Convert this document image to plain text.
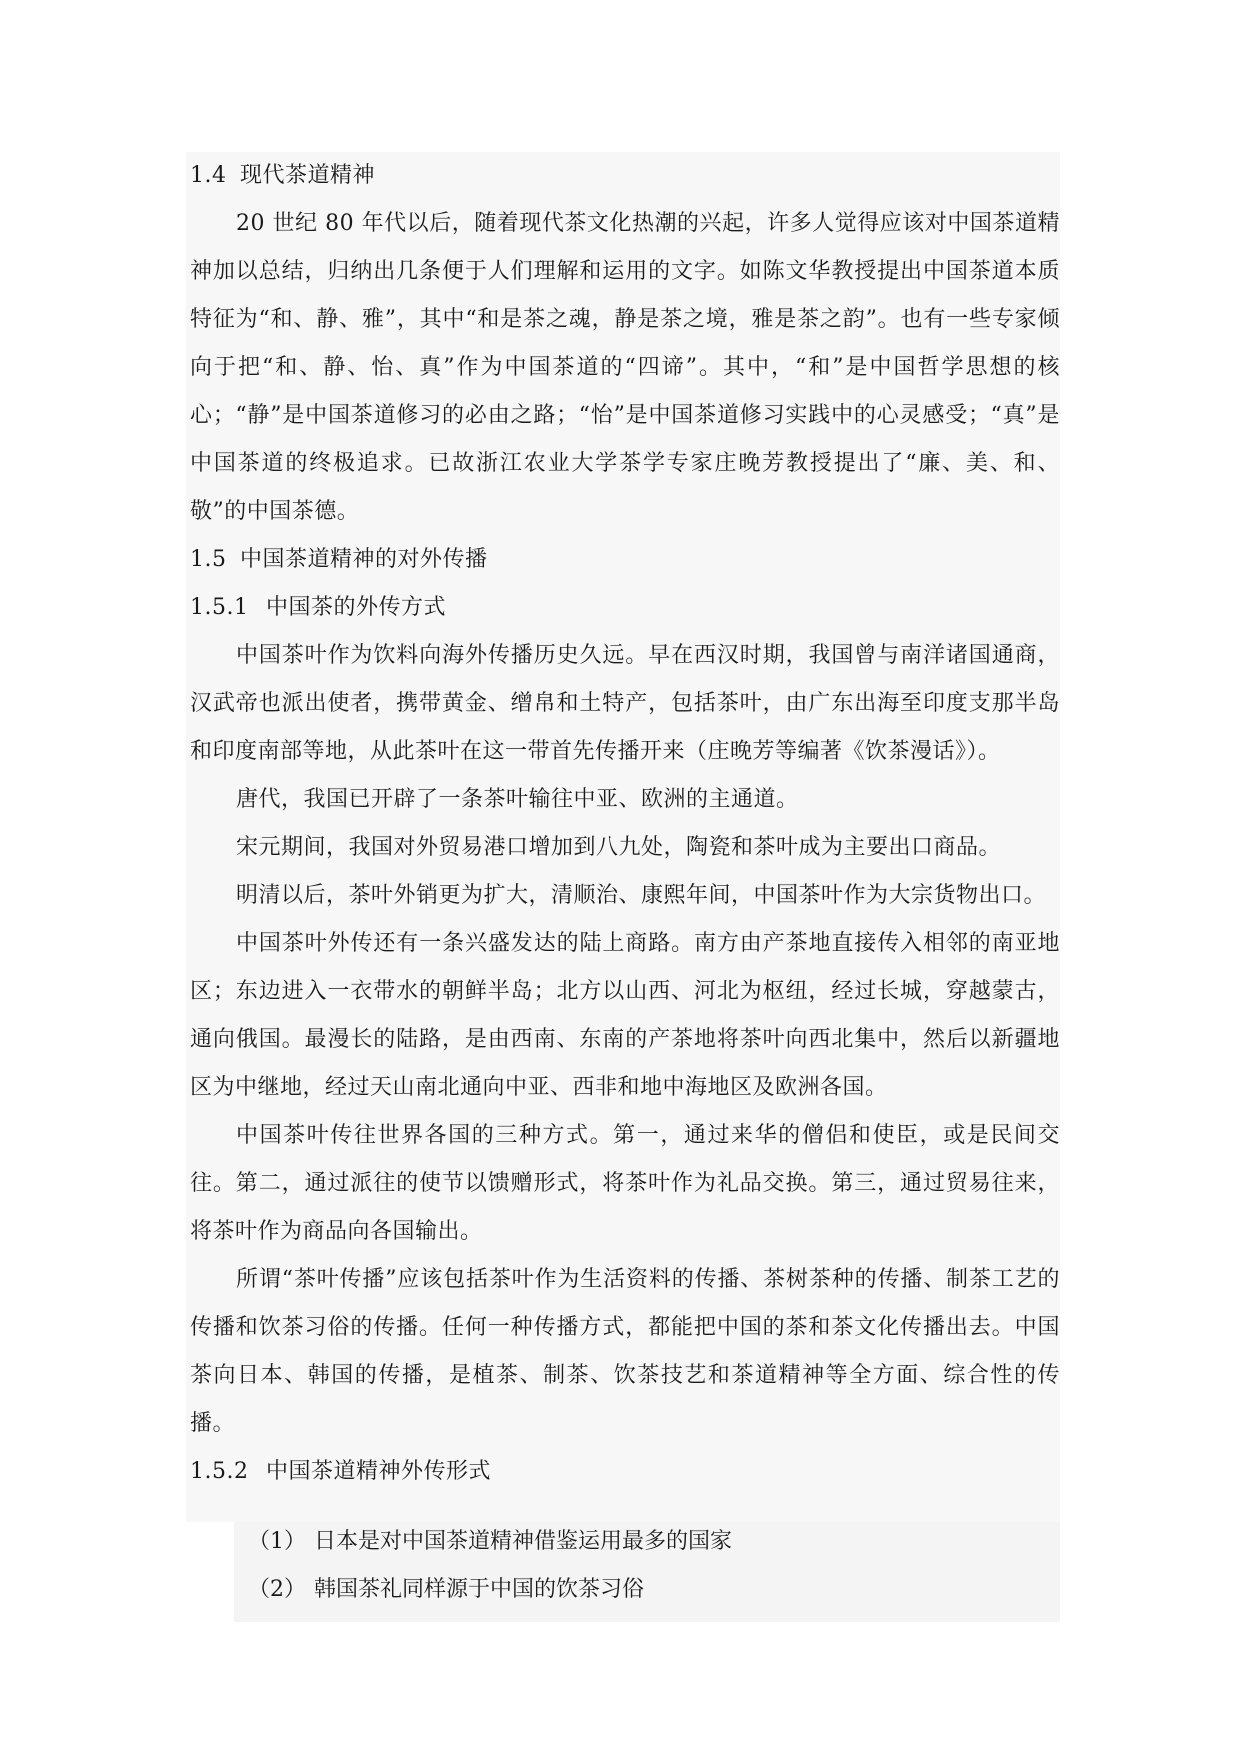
1.4 现代茶道精神

20 世纪 80 年代以后，随着现代茶文化热潮的兴起，许多人觉得应该对中国茶道精神加以总结，归纳出几条便于人们理解和运用的文字。如陈文华教授提出中国茶道本质特征为“和、静、雅”，其中“和是茶之魂，静是茶之境，雅是茶之韵”。也有一些专家倾向于把“和、静、怡、真”作为中国茶道的“四谛”。其中，“和”是中国哲学思想的核心；“静”是中国茶道修习的必由之路；“怡”是中国茶道修习实践中的心灵感受；“真”是中国茶道的终极追求。已故浙江农业大学茶学专家庄晚芳教授提出了“廉、美、和、敬”的中国茶德。

1.5 中国茶道精神的对外传播

1.5.1 中国茶的外传方式

中国茶叶作为饮料向海外传播历史久远。早在西汉时期，我国曾与南洋诸国通商，汉武帝也派出使者，携带黄金、缯帛和土特产，包括茶叶，由广东出海至印度支那半岛和印度南部等地，从此茶叶在这一带首先传播开来（庄晚芳等编著《饮茶漫话》）。

唐代，我国已开辟了一条茶叶输往中亚、欧洲的主通道。

宋元期间，我国对外贸易港口增加到八九处，陶瓷和茶叶成为主要出口商品。

明清以后，茶叶外销更为扩大，清顺治、康熙年间，中国茶叶作为大宗货物出口。

中国茶叶外传还有一条兴盛发达的陆上商路。南方由产茶地直接传入相邻的南亚地区；东边进入一衣带水的朝鲜半岛；北方以山西、河北为枢纽，经过长城，穿越蒙古，通向俄国。最漫长的陆路，是由西南、东南的产茶地将茶叶向西北集中，然后以新疆地区为中继地，经过天山南北通向中亚、西非和地中海地区及欧洲各国。

中国茶叶传往世界各国的三种方式。第一，通过来华的僧侣和使臣，或是民间交往。第二，通过派往的使节以馈赠形式，将茶叶作为礼品交换。第三，通过贸易往来，将茶叶作为商品向各国输出。

所谓“茶叶传播”应该包括茶叶作为生活资料的传播、茶树茶种的传播、制茶工艺的传播和饮茶习俗的传播。任何一种传播方式，都能把中国的茶和茶文化传播出去。中国茶向日本、韩国的传播，是植茶、制茶、饮茶技艺和茶道精神等全方面、综合性的传播。

1.5.2 中国茶道精神外传形式

（1） 日本是对中国茶道精神借鉴运用最多的国家

（2） 韩国茶礼同样源于中国的饮茶习俗
